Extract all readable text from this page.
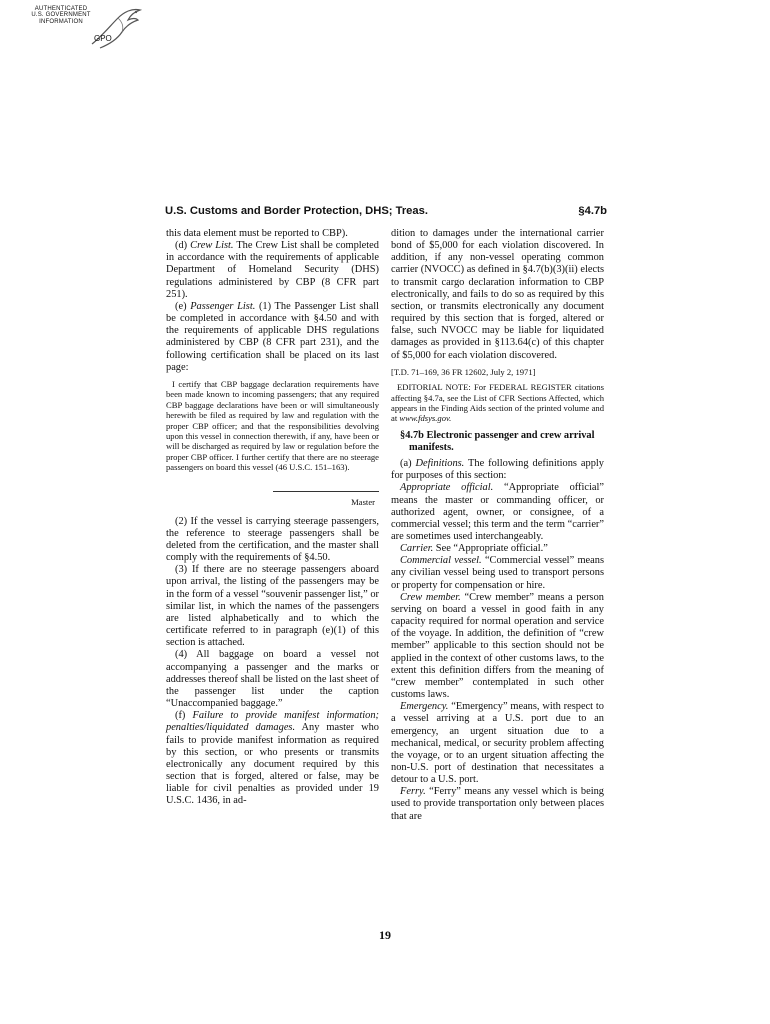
AUTHENTICATED
U.S. GOVERNMENT
INFORMATION
GPO
U.S. Customs and Border Protection, DHS; Treas.	§4.7b

this data element must be reported to CBP).

(d) Crew List. The Crew List shall be completed in accordance with the requirements of applicable Department of Homeland Security (DHS) regulations administered by CBP (8 CFR part 251).

(e) Passenger List. (1) The Passenger List shall be completed in accordance with §4.50 and with the requirements of applicable DHS regulations administered by CBP (8 CFR part 231), and the following certification shall be placed on its last page:

I certify that CBP baggage declaration requirements have been made known to incoming passengers; that any required CBP baggage declarations have been or will simultaneously herewith be filed as required by law and regulation with the proper CBP officer; and that the responsibilities devolving upon this vessel in connection therewith, if any, have been or will be discharged as required by law or regulation before the proper CBP officer. I further certify that there are no steerage passengers on board this vessel (46 U.S.C. 151–163).

Master

(2) If the vessel is carrying steerage passengers, the reference to steerage passengers shall be deleted from the certification, and the master shall comply with the requirements of §4.50.

(3) If there are no steerage passengers aboard upon arrival, the listing of the passengers may be in the form of a vessel “souvenir passenger list,” or similar list, in which the names of the passengers are listed alphabetically and to which the certificate referred to in paragraph (e)(1) of this section is attached.

(4) All baggage on board a vessel not accompanying a passenger and the marks or addresses thereof shall be listed on the last sheet of the passenger list under the caption “Unaccompanied baggage.”

(f) Failure to provide manifest information; penalties/liquidated damages. Any master who fails to provide manifest information as required by this section, or who presents or transmits electronically any document required by this section that is forged, altered or false, may be liable for civil penalties as provided under 19 U.S.C. 1436, in ad-

dition to damages under the international carrier bond of $5,000 for each violation discovered. In addition, if any non-vessel operating common carrier (NVOCC) as defined in §4.7(b)(3)(ii) elects to transmit cargo declaration information to CBP electronically, and fails to do so as required by this section, or transmits electronically any document required by this section that is forged, altered or false, such NVOCC may be liable for liquidated damages as provided in §113.64(c) of this chapter of $5,000 for each violation discovered.

[T.D. 71–169, 36 FR 12602, July 2, 1971]

EDITORIAL NOTE: For FEDERAL REGISTER citations affecting §4.7a, see the List of CFR Sections Affected, which appears in the Finding Aids section of the printed volume and at www.fdsys.gov.

§4.7b Electronic passenger and crew arrival manifests.

(a) Definitions. The following definitions apply for purposes of this section:

Appropriate official. “Appropriate official” means the master or commanding officer, or authorized agent, owner, or consignee, of a commercial vessel; this term and the term “carrier” are sometimes used interchangeably.

Carrier. See “Appropriate official.”

Commercial vessel. “Commercial vessel” means any civilian vessel being used to transport persons or property for compensation or hire.

Crew member. “Crew member” means a person serving on board a vessel in good faith in any capacity required for normal operation and service of the voyage. In addition, the definition of “crew member” applicable to this section should not be applied in the context of other customs laws, to the extent this definition differs from the meaning of “crew member” contemplated in such other customs laws.

Emergency. “Emergency” means, with respect to a vessel arriving at a U.S. port due to an emergency, an urgent situation due to a mechanical, medical, or security problem affecting the voyage, or to an urgent situation affecting the non-U.S. port of destination that necessitates a detour to a U.S. port.

Ferry. “Ferry” means any vessel which is being used to provide transportation only between places that are

19
